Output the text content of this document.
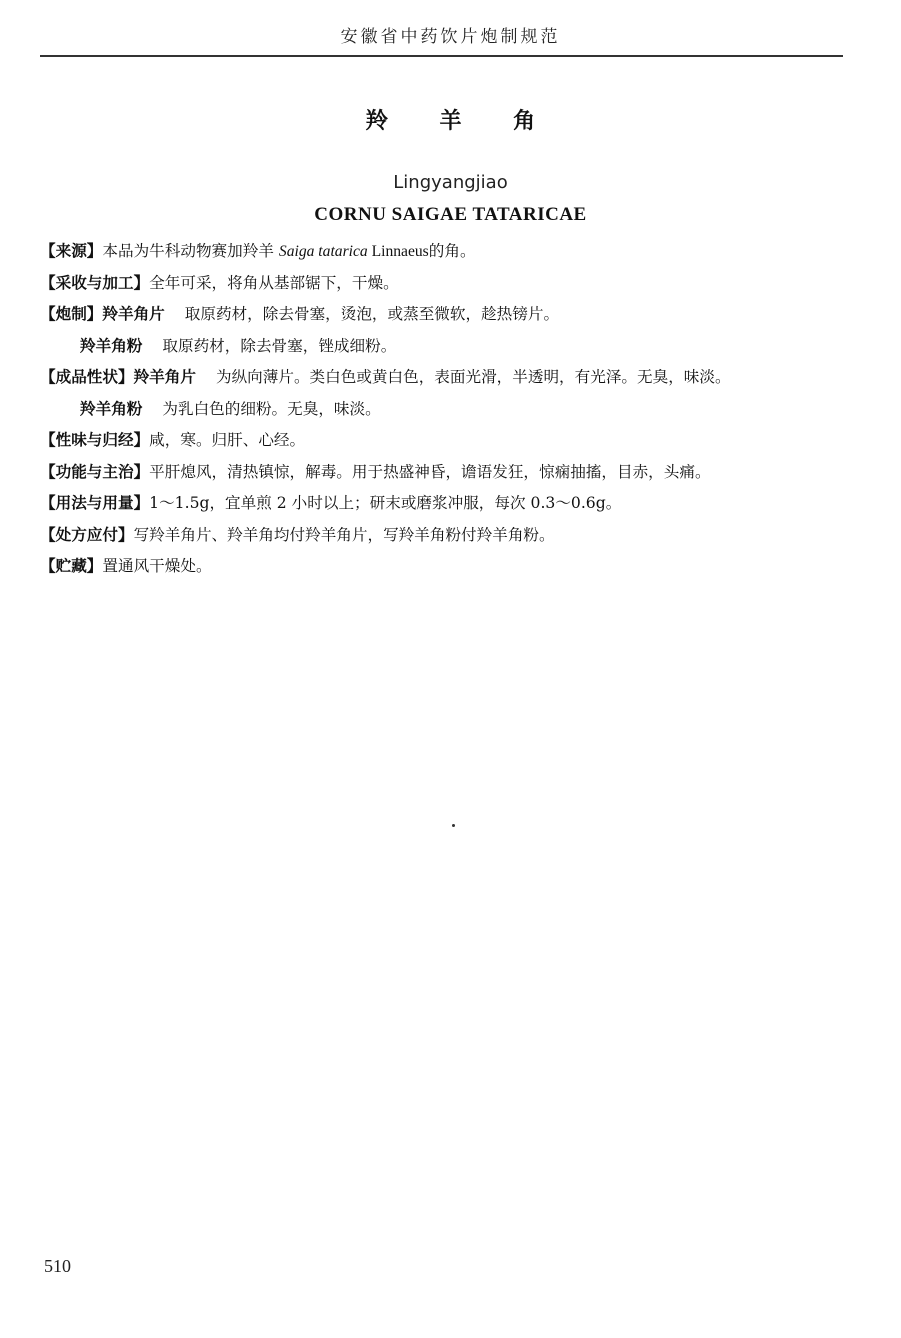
安徽省中药饮片炮制规范
羚 羊 角
Lingyangjiao
CORNU SAIGAE TATARICAE

【来源】本品为牛科动物赛加羚羊 Saiga tatarica Linnaeus的角。

【采收与加工】全年可采，将角从基部锯下，干燥。

【炮制】羚羊角片 取原药材，除去骨塞，烫泡，或蒸至微软，趁热镑片。

羚羊角粉 取原药材，除去骨塞，锉成细粉。

【成品性状】羚羊角片 为纵向薄片。类白色或黄白色，表面光滑，半透明，有光泽。无臭，味淡。

羚羊角粉 为乳白色的细粉。无臭，味淡。

【性味与归经】咸，寒。归肝、心经。

【功能与主治】平肝熄风，清热镇惊，解毒。用于热盛神昏，谵语发狂，惊痫抽搐，目赤，头痛。

【用法与用量】1～1.5g，宜单煎 2 小时以上；研末或磨浆冲服，每次 0.3～0.6g。

【处方应付】写羚羊角片、羚羊角均付羚羊角片，写羚羊角粉付羚羊角粉。

【贮藏】置通风干燥处。

510
